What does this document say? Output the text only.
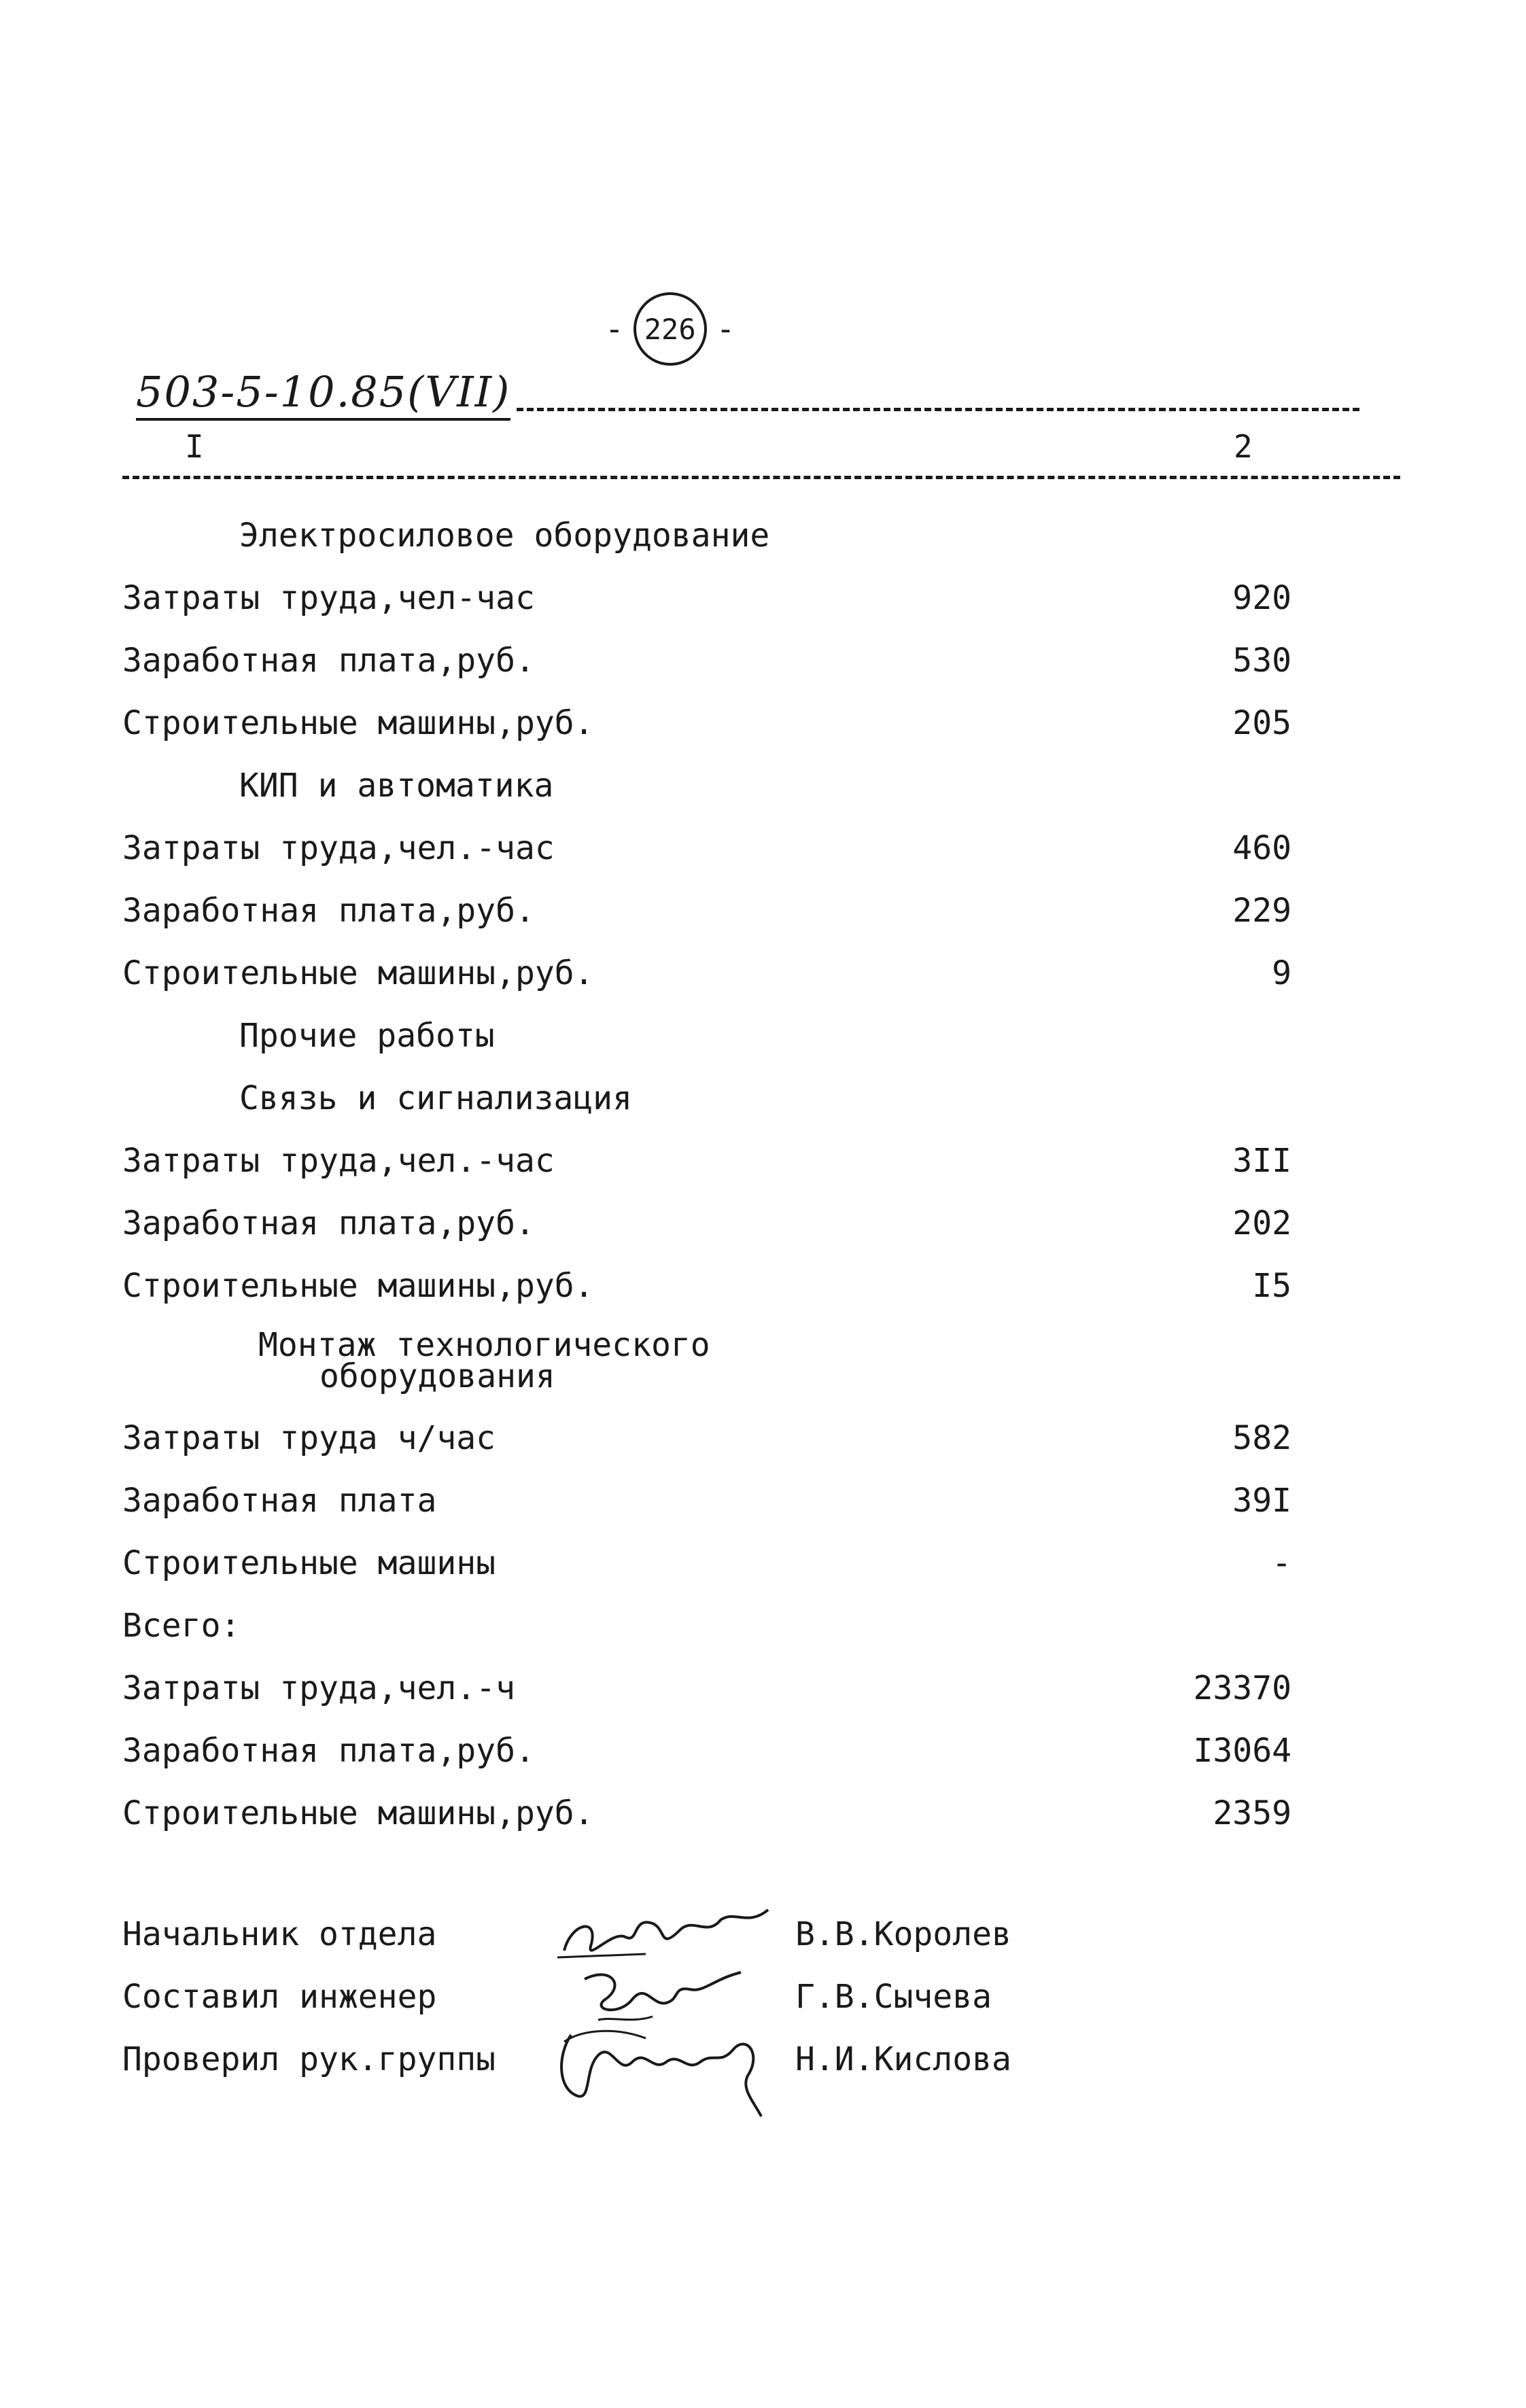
- 226 -
503-5-10.85(VII)
I	2
Электросиловое оборудование
Затраты труда,чел-час	920
Заработная плата,руб.	530
Строительные машины,руб.	205
КИП и автоматика
Затраты труда,чел.-час	460
Заработная плата,руб.	229
Строительные машины,руб.	9
Прочие работы
Связь и сигнализация
Затраты труда,чел.-час	3II
Заработная плата,руб.	202
Строительные машины,руб.	I5
Монтаж технологического
оборудования
Затраты труда ч/час	582
Заработная плата	39I
Строительные машины	-
Всего:
Затраты труда,чел.-ч	23370
Заработная плата,руб.	I3064
Строительные машины,руб.	2359
Начальник отдела	В.В.Королев
Составил инженер	Г.В.Сычева
Проверил рук.группы	Н.И.Кислова
